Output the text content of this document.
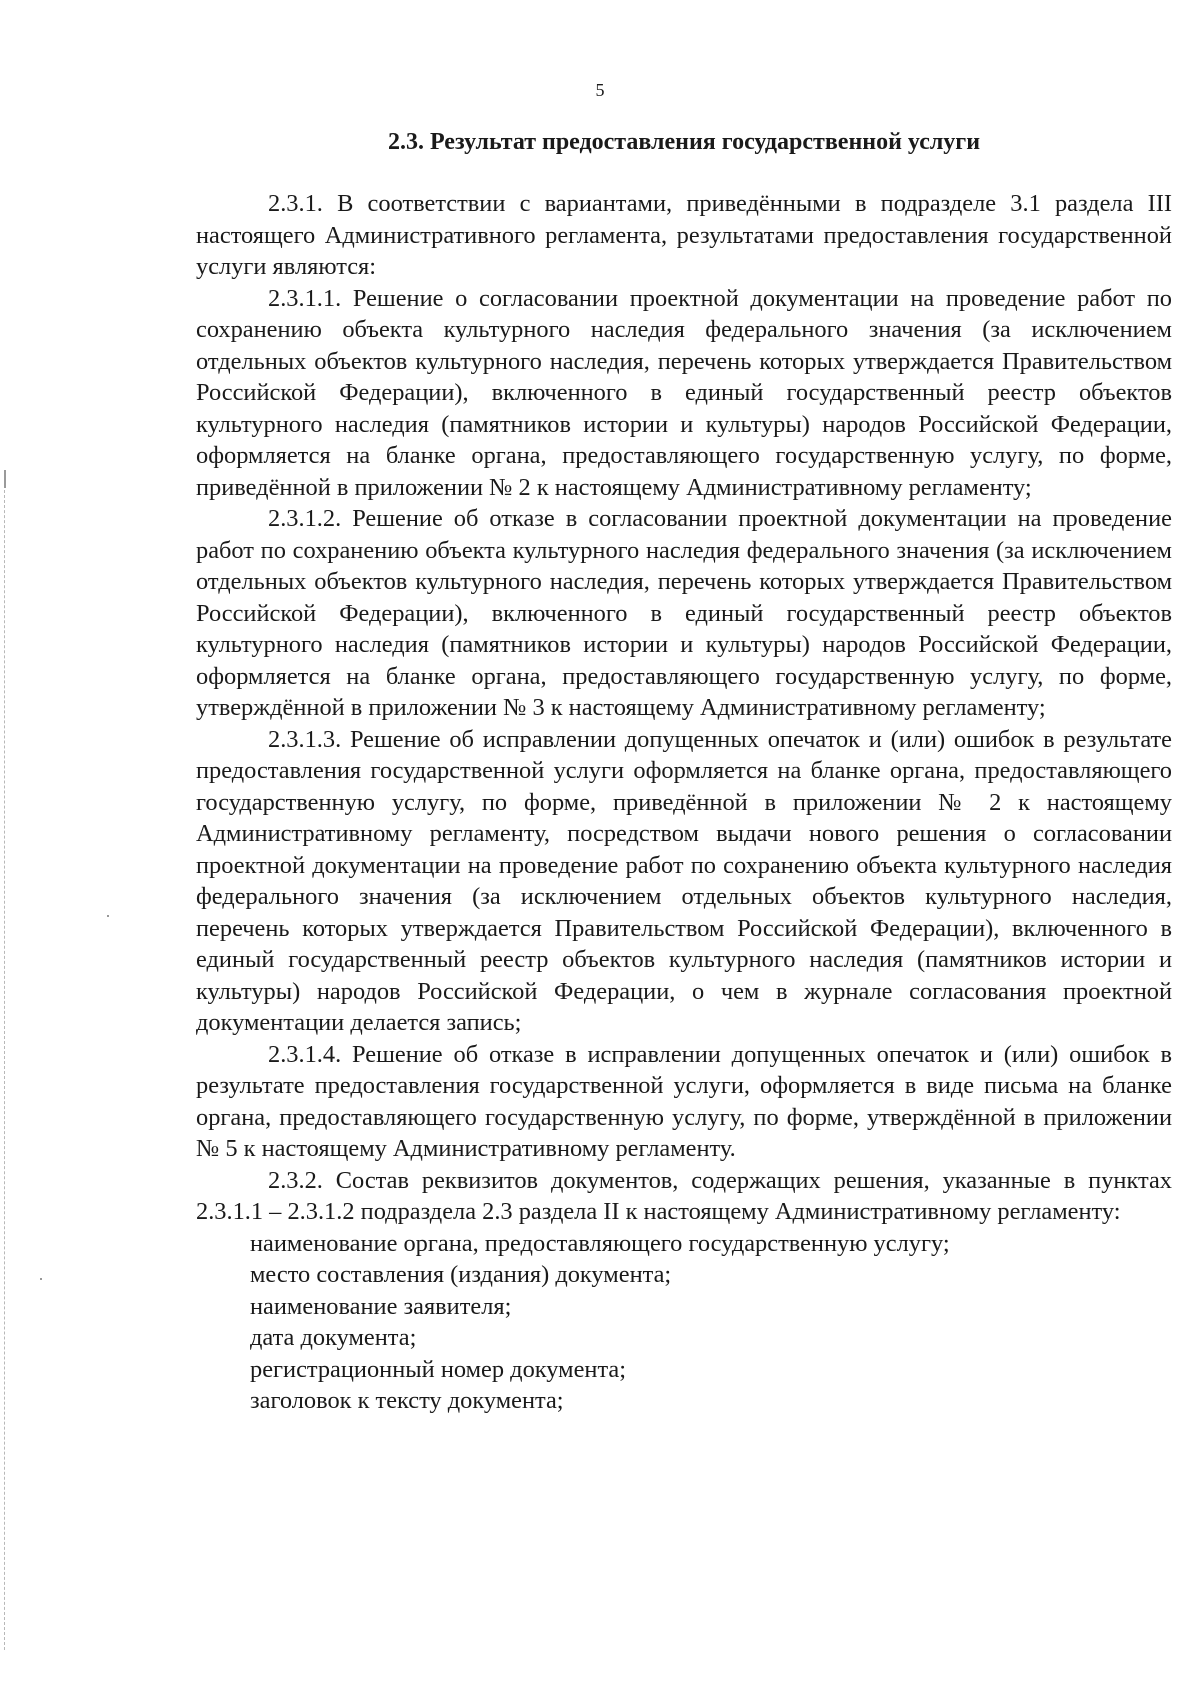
5
2.3. Результат предоставления государственной услуги

2.3.1. В соответствии с вариантами, приведёнными в подразделе 3.1 раздела III настоящего Административного регламента, результатами предоставления государственной услуги являются:

2.3.1.1. Решение о согласовании проектной документации на проведение работ по сохранению объекта культурного наследия федерального значения (за исключением отдельных объектов культурного наследия, перечень которых утверждается Правительством Российской Федерации), включенного в единый государственный реестр объектов культурного наследия (памятников истории и культуры) народов Российской Федерации, оформляется на бланке органа, предоставляющего государственную услугу, по форме, приведённой в приложении № 2 к настоящему Административному регламенту;

2.3.1.2. Решение об отказе в согласовании проектной документации на проведение работ по сохранению объекта культурного наследия федерального значения (за исключением отдельных объектов культурного наследия, перечень которых утверждается Правительством Российской Федерации), включенного в единый государственный реестр объектов культурного наследия (памятников истории и культуры) народов Российской Федерации, оформляется на бланке органа, предоставляющего государственную услугу, по форме, утверждённой в приложении № 3 к настоящему Административному регламенту;

2.3.1.3. Решение об исправлении допущенных опечаток и (или) ошибок в результате предоставления государственной услуги оформляется на бланке органа, предоставляющего государственную услугу, по форме, приведённой в приложении № 2 к настоящему Административному регламенту, посредством выдачи нового решения о согласовании проектной документации на проведение работ по сохранению объекта культурного наследия федерального значения (за исключением отдельных объектов культурного наследия, перечень которых утверждается Правительством Российской Федерации), включенного в единый государственный реестр объектов культурного наследия (памятников истории и культуры) народов Российской Федерации, о чем в журнале согласования проектной документации делается запись;

2.3.1.4. Решение об отказе в исправлении допущенных опечаток и (или) ошибок в результате предоставления государственной услуги, оформляется в виде письма на бланке органа, предоставляющего государственную услугу, по форме, утверждённой в приложении № 5 к настоящему Административному регламенту.

2.3.2. Состав реквизитов документов, содержащих решения, указанные в пунктах 2.3.1.1 – 2.3.1.2 подраздела 2.3 раздела II к настоящему Административному регламенту:

наименование органа, предоставляющего государственную услугу;
место составления (издания) документа;
наименование заявителя;
дата документа;
регистрационный номер документа;
заголовок к тексту документа;
